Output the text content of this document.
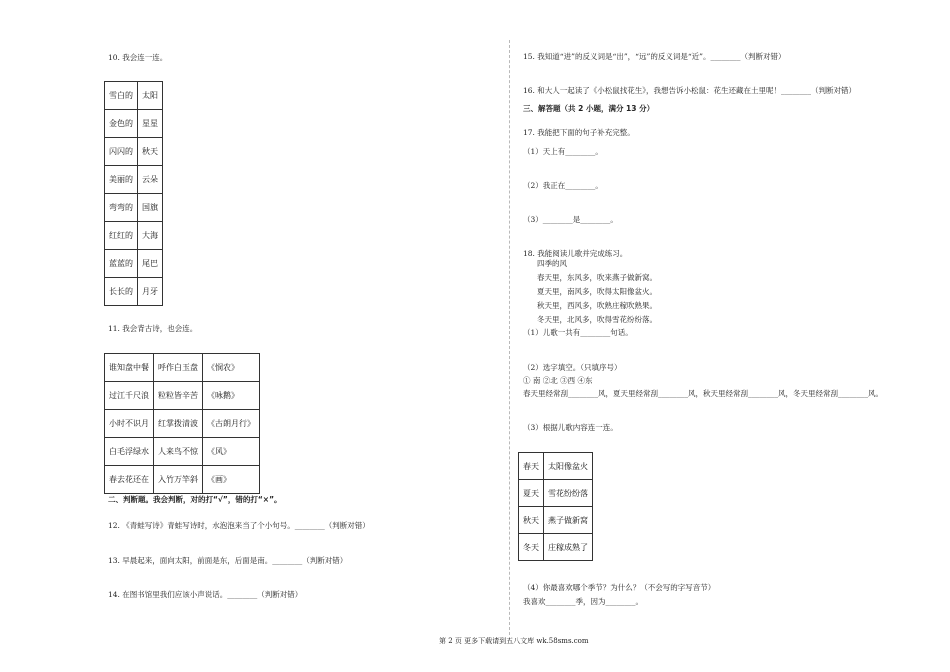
10. 我会连一连。
雪白的	太阳
金色的	星星
闪闪的	秋天
美丽的	云朵
弯弯的	国旗
红红的	大海
蓝蓝的	尾巴
长长的	月牙
11. 我会背古诗，也会连。
谁知盘中餐	呼作白玉盘	《悯农》
过江千尺浪	粒粒皆辛苦	《咏鹅》
小时不识月	红掌拨清波	《古朗月行》
白毛浮绿水	人来鸟不惊	《风》
春去花还在	入竹万竿斜	《画》
二、判断题。我会判断，对的打“√”，错的打“×”。
12. 《青蛙写诗》青蛙写诗时，水泡泡来当了个小句号。________（判断对错）
13. 早晨起来，面向太阳，前面是东，后面是南。________（判断对错）
14. 在图书馆里我们应该小声说话。________（判断对错）
15. 我知道“进”的反义词是“出”，“远”的反义词是“近”。________（判断对错）
16. 和大人一起读了《小松鼠找花生》，我想告诉小松鼠：花生还藏在土里呢！________（判断对错）
三、解答题（共 2 小题，满分 13 分）
17. 我能把下面的句子补充完整。
（1）天上有________。
（2）我正在________。
（3）________是________。
18. 我能阅读儿歌并完成练习。
四季的风
春天里，东风多，吹来燕子做新窝。
夏天里，南风多，吹得太阳像盆火。
秋天里，西风多，吹熟庄稼吹熟果。
冬天里，北风多，吹得雪花纷纷落。
（1）儿歌一共有________句话。
（2）选字填空。（只填序号）
① 南 ②北 ③西 ④东
春天里经常刮________风，夏天里经常刮________风，秋天里经常刮________风，冬天里经常刮________风。
（3）根据儿歌内容连一连。
春天	太阳像盆火
夏天	雪花纷纷落
秋天	燕子做新窝
冬天	庄稼成熟了
（4）你最喜欢哪个季节？为什么？（不会写的字写音节）
我喜欢________季，因为________。
第 2 页 更多下载请到五八文库 wk.58sms.com
